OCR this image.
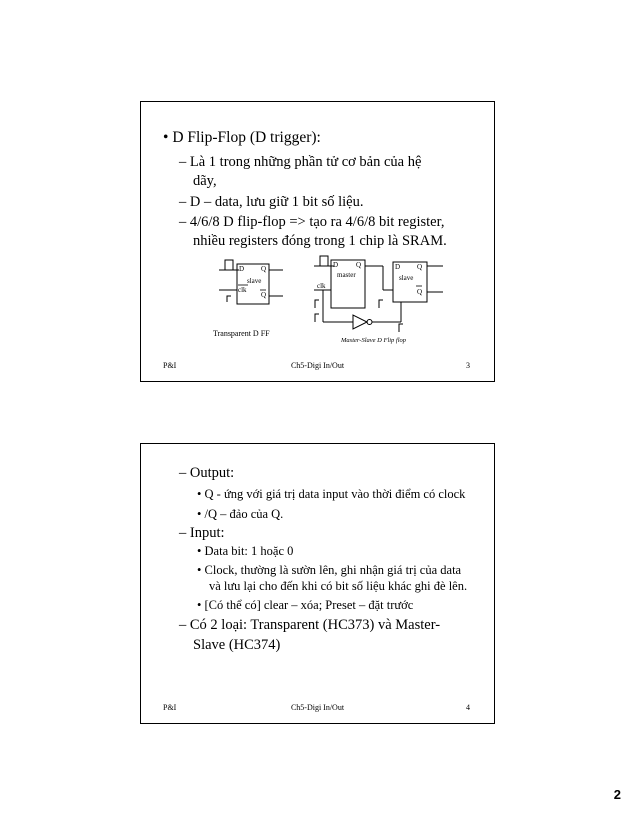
• D Flip-Flop (D trigger):
– Là 1 trong những phần tử cơ bản của hệ
dãy,
– D – data, lưu giữ 1 bit số liệu.
– 4/6/8 D flip-flop => tạo ra 4/6/8 bit register,
nhiều registers đóng trong 1 chip là SRAM.
D Q
slave
clk
Q
D	Q
master
clk
D Q
slave
Q
Transparent D FF
Master-Slave D Flip flop
P&I	Ch5-Digi In/Out	3
– Output:
• Q - ứng với giá trị data input vào thời điểm có clock
• /Q – đảo của Q.
– Input:
• Data bit: 1 hoặc 0
• Clock, thường là sườn lên, ghi nhận giá trị của data
và lưu lại cho đến khi có bit số liệu khác ghi đè lên.
• [Có thể có] clear – xóa; Preset – đặt trước
– Có 2 loại: Transparent (HC373) và Master-
Slave (HC374)
P&I	Ch5-Digi In/Out	4
2
